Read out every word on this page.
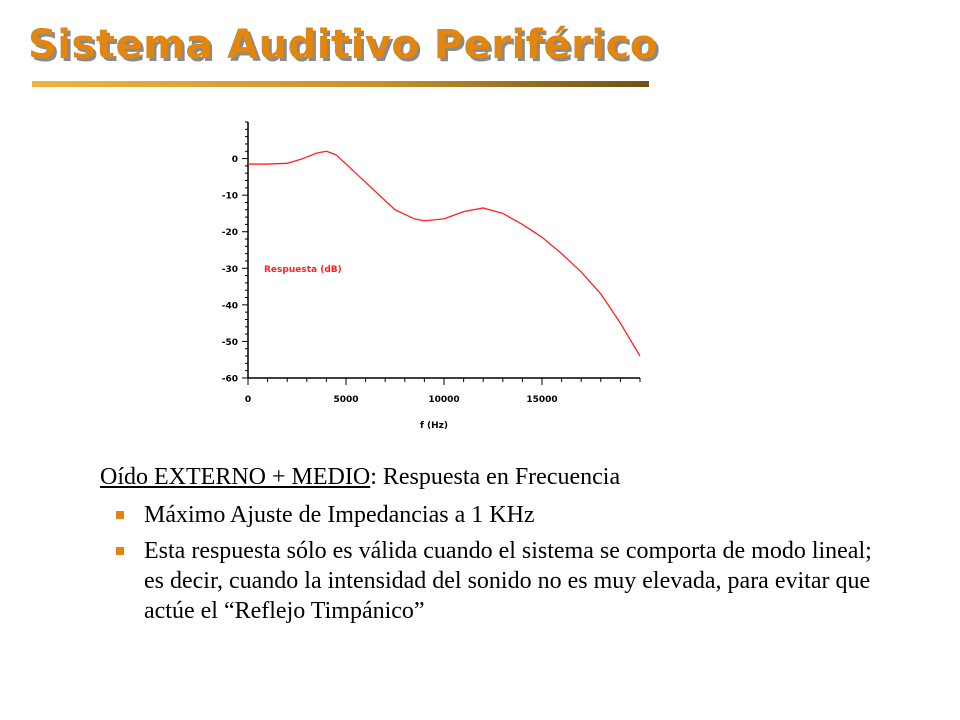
Sistema Auditivo Periférico
0
-10
-20
-30
-40
-50
-60
0	5000	10000	15000
f (Hz)
Respuesta (dB)

Oído EXTERNO + MEDIO: Respuesta en Frecuencia

Máximo Ajuste de Impedancias a 1 KHz
Esta respuesta sólo es válida cuando el sistema se comporta de modo lineal; es decir, cuando la intensidad del sonido no es muy elevada, para evitar que actúe el “Reflejo Timpánico”
